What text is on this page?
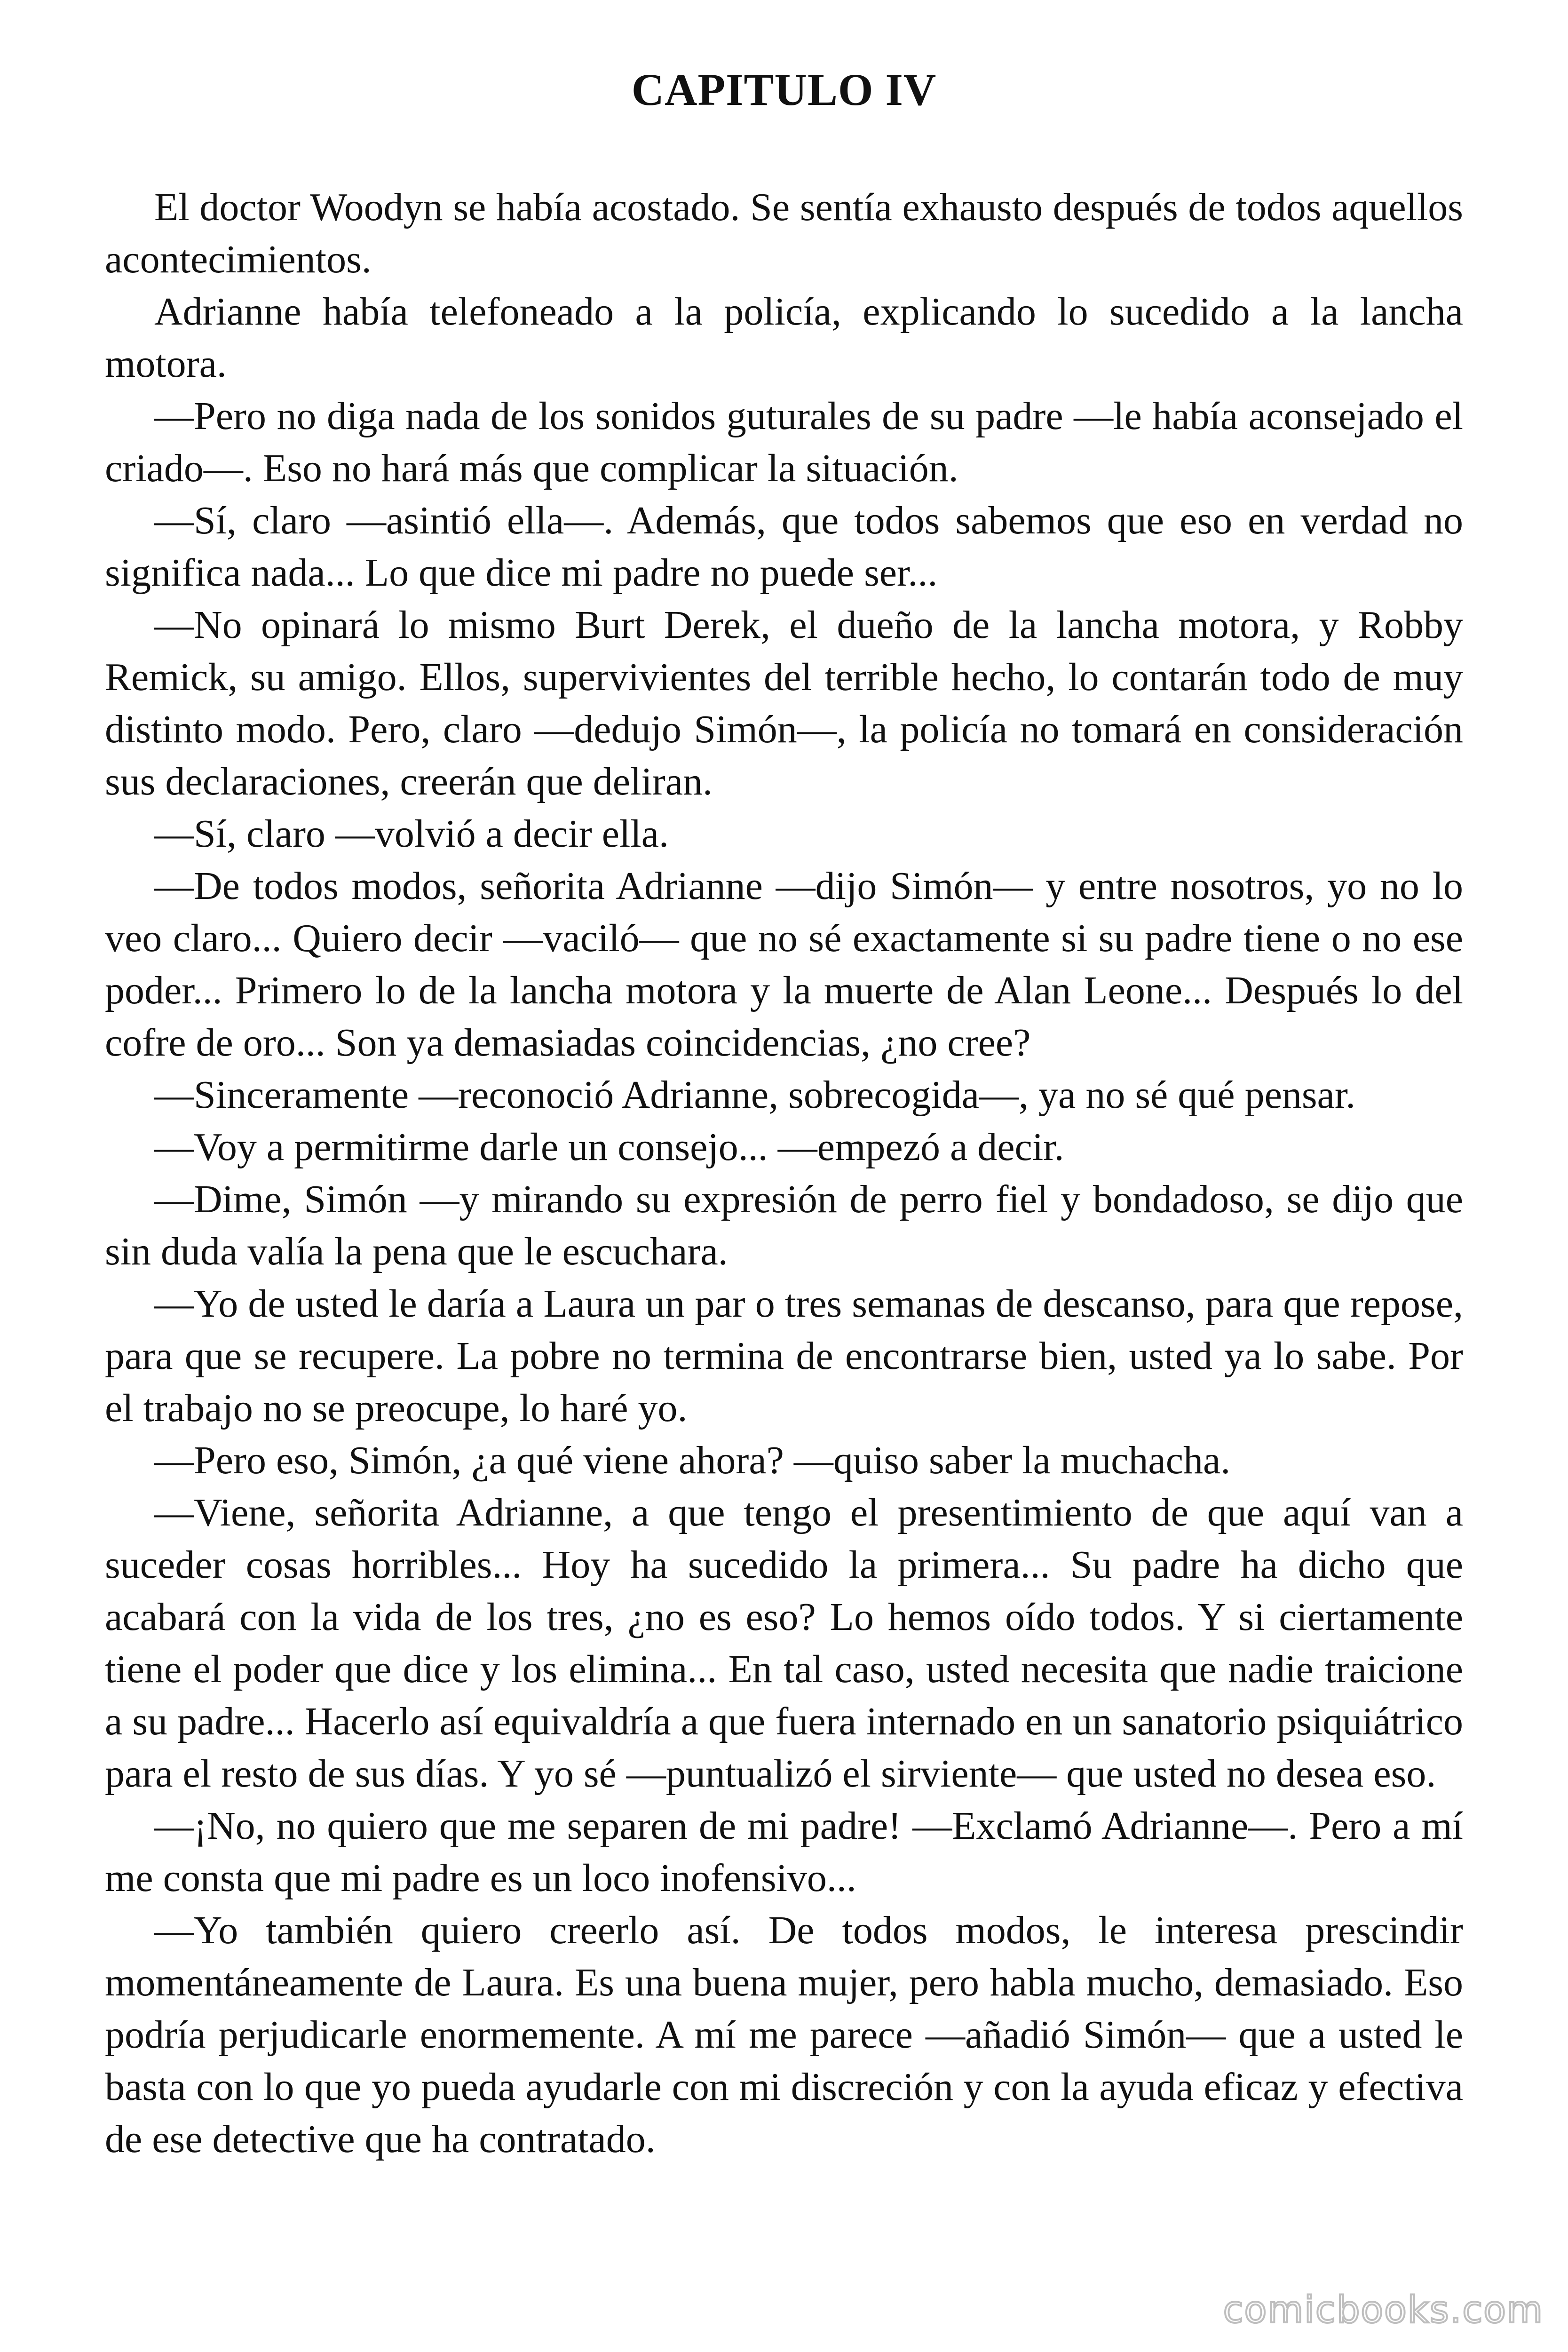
CAPITULO IV

El doctor Woodyn se había acostado. Se sentía exhausto después de todos aquellos acontecimientos.

Adrianne había telefoneado a la policía, explicando lo sucedido a la lancha motora.

—Pero no diga nada de los sonidos guturales de su padre —le había aconsejado el criado—. Eso no hará más que complicar la situación.

—Sí, claro —asintió ella—. Además, que todos sabemos que eso en verdad no significa nada... Lo que dice mi padre no puede ser...

—No opinará lo mismo Burt Derek, el dueño de la lancha motora, y Robby Remick, su amigo. Ellos, supervivientes del terrible hecho, lo contarán todo de muy distinto modo. Pero, claro —dedujo Simón—, la policía no tomará en consideración sus declaraciones, creerán que deliran.

—Sí, claro —volvió a decir ella.

—De todos modos, señorita Adrianne —dijo Simón— y entre nosotros, yo no lo veo claro... Quiero decir —vaciló— que no sé exactamente si su padre tiene o no ese poder... Primero lo de la lancha motora y la muerte de Alan Leone... Después lo del cofre de oro... Son ya demasiadas coincidencias, ¿no cree?

—Sinceramente —reconoció Adrianne, sobrecogida—, ya no sé qué pensar.

—Voy a permitirme darle un consejo... —empezó a decir.

—Dime, Simón —y mirando su expresión de perro fiel y bondadoso, se dijo que sin duda valía la pena que le escuchara.

—Yo de usted le daría a Laura un par o tres semanas de descanso, para que repose, para que se recupere. La pobre no termina de encontrarse bien, usted ya lo sabe. Por el trabajo no se preocupe, lo haré yo.

—Pero eso, Simón, ¿a qué viene ahora? —quiso saber la muchacha.

—Viene, señorita Adrianne, a que tengo el presentimiento de que aquí van a suceder cosas horribles... Hoy ha sucedido la primera... Su padre ha dicho que acabará con la vida de los tres, ¿no es eso? Lo hemos oído todos. Y si ciertamente tiene el poder que dice y los elimina... En tal caso, usted necesita que nadie traicione a su padre... Hacerlo así equivaldría a que fuera internado en un sanatorio psiquiátrico para el resto de sus días. Y yo sé —puntualizó el sirviente— que usted no desea eso.

—¡No, no quiero que me separen de mi padre! —Exclamó Adrianne—. Pero a mí me consta que mi padre es un loco inofensivo...

—Yo también quiero creerlo así. De todos modos, le interesa prescindir momentáneamente de Laura. Es una buena mujer, pero habla mucho, demasiado. Eso podría perjudicarle enormemente. A mí me parece —añadió Simón— que a usted le basta con lo que yo pueda ayudarle con mi discreción y con la ayuda eficaz y efectiva de ese detective que ha contratado.

comicbooks.com
